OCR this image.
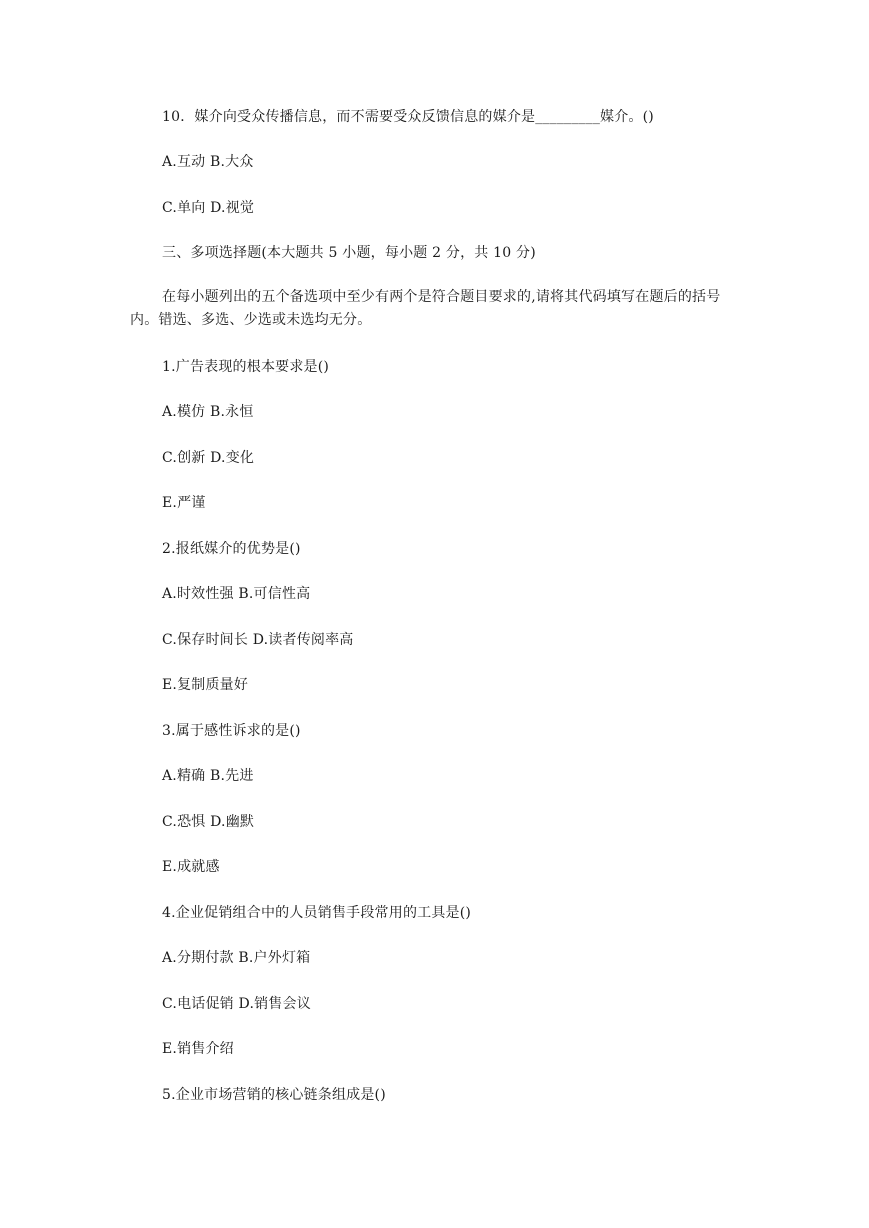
10．媒介向受众传播信息，而不需要受众反馈信息的媒介是_________媒介。()
A.互动 B.大众
C.单向 D.视觉
三、多项选择题(本大题共 5 小题，每小题 2 分，共 10 分)
在每小题列出的五个备选项中至少有两个是符合题目要求的,请将其代码填写在题后的括号内。错选、多选、少选或未选均无分。
1.广告表现的根本要求是()
A.模仿 B.永恒
C.创新 D.变化
E.严谨
2.报纸媒介的优势是()
A.时效性强 B.可信性高
C.保存时间长 D.读者传阅率高
E.复制质量好
3.属于感性诉求的是()
A.精确 B.先进
C.恐惧 D.幽默
E.成就感
4.企业促销组合中的人员销售手段常用的工具是()
A.分期付款 B.户外灯箱
C.电话促销 D.销售会议
E.销售介绍
5.企业市场营销的核心链条组成是()
